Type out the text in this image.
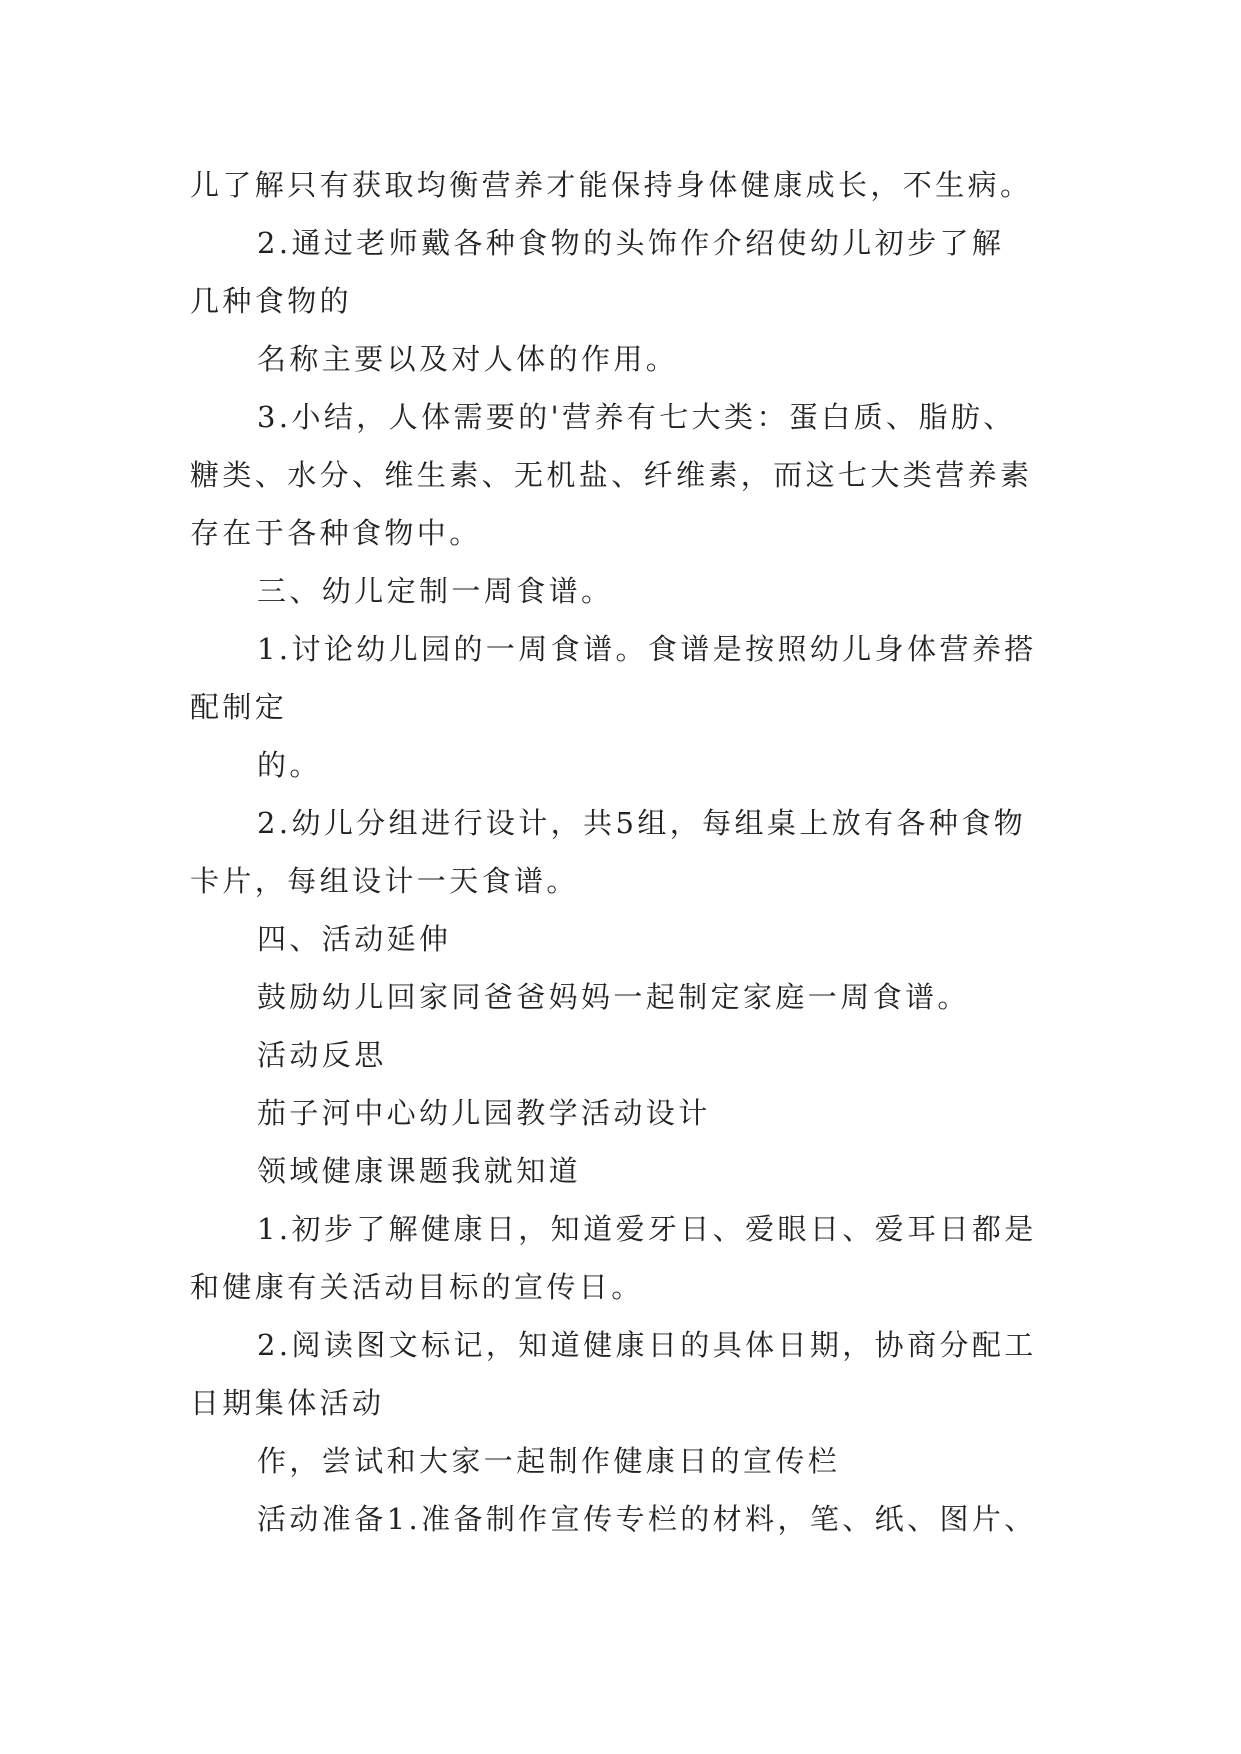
儿了解只有获取均衡营养才能保持身体健康成长，不生病。
2.通过老师戴各种食物的头饰作介绍使幼儿初步了解
几种食物的
名称主要以及对人体的作用。
3.小结，人体需要的'营养有七大类：蛋白质、脂肪、
糖类、水分、维生素、无机盐、纤维素，而这七大类营养素
存在于各种食物中。
三、幼儿定制一周食谱。
1.讨论幼儿园的一周食谱。食谱是按照幼儿身体营养搭
配制定
的。
2.幼儿分组进行设计，共5组，每组桌上放有各种食物
卡片，每组设计一天食谱。
四、活动延伸
鼓励幼儿回家同爸爸妈妈一起制定家庭一周食谱。
活动反思
茄子河中心幼儿园教学活动设计
领域健康课题我就知道
1.初步了解健康日，知道爱牙日、爱眼日、爱耳日都是
和健康有关活动目标的宣传日。
2.阅读图文标记，知道健康日的具体日期，协商分配工
日期集体活动
作，尝试和大家一起制作健康日的宣传栏
活动准备1.准备制作宣传专栏的材料，笔、纸、图片、
